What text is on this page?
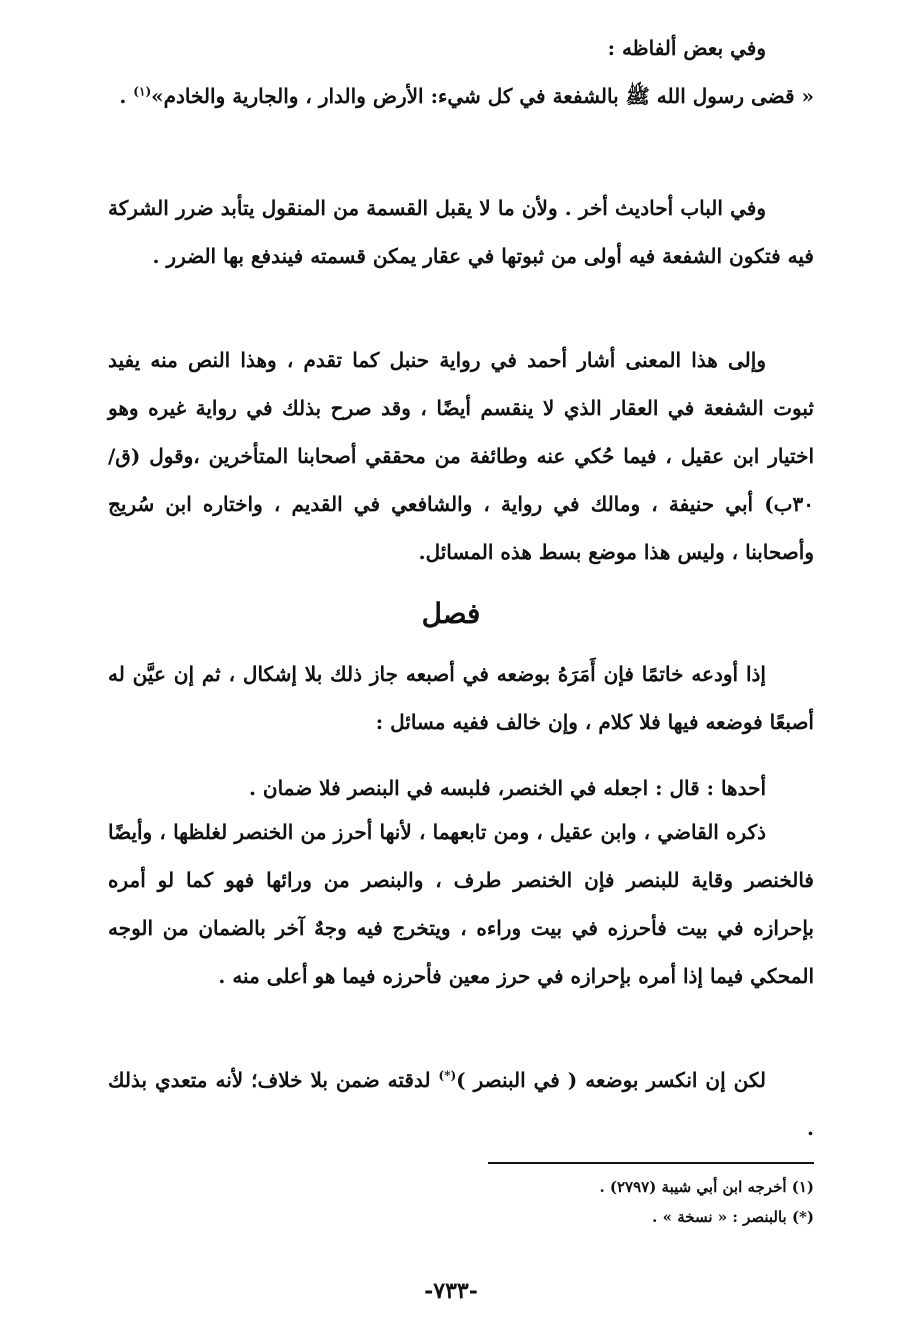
وفي بعض ألفاظه :

« قضى رسول الله ﷺ بالشفعة في كل شيء: الأرض والدار ، والجارية والخادم»$^{(١)}$ .

وفي الباب أحاديث أخر . ولأن ما لا يقبل القسمة من المنقول يتأبد ضرر الشركة فيه فتكون الشفعة فيه أولى من ثبوتها في عقار يمكن قسمته فيندفع بها الضرر .
وإلى هذا المعنى أشار أحمد في رواية حنبل كما تقدم ، وهذا النص منه يفيد ثبوت الشفعة في العقار الذي لا ينقسم أيضًا ، وقد صرح بذلك في رواية غيره وهو اختيار ابن عقيل ، فيما حُكي عنه وطائفة من محققي أصحابنا المتأخرين ،وقول (ق/ ٣٠ب) أبي حنيفة ، ومالك في رواية ، والشافعي في القديم ، واختاره ابن سُريج وأصحابنا ، وليس هذا موضع بسط هذه المسائل.
فصل

إذا أودعه خاتمًا فإن أَمَرَهُ بوضعه في أصبعه جاز ذلك بلا إشكال ، ثم إن عيَّن له أصبعًا فوضعه فيها فلا كلام ، وإن خالف ففيه مسائل :

أحدها : قال : اجعله في الخنصر، فلبسه في البنصر فلا ضمان .

ذكره القاضي ، وابن عقيل ، ومن تابعهما ، لأنها أحرز من الخنصر لغلظها ، وأيضًا فالخنصر وقاية للبنصر فإن الخنصر طرف ، والبنصر من ورائها فهو كما لو أمره بإحرازه في بيت فأحرزه في بيت وراءه ، ويتخرج فيه وجهٌ آخر بالضمان من الوجه المحكي فيما إذا أمره بإحرازه في حرز معين فأحرزه فيما هو أعلى منه .
لكن إن انكسر بوضعه ( في البنصر )(*) لدقته ضمن بلا خلاف؛ لأنه متعدي بذلك .

(١) أخرجه ابن أبي شيبة (٢٧٩٧) .

(*) بالبنصر : « نسخة » .

-٧٣٣-
